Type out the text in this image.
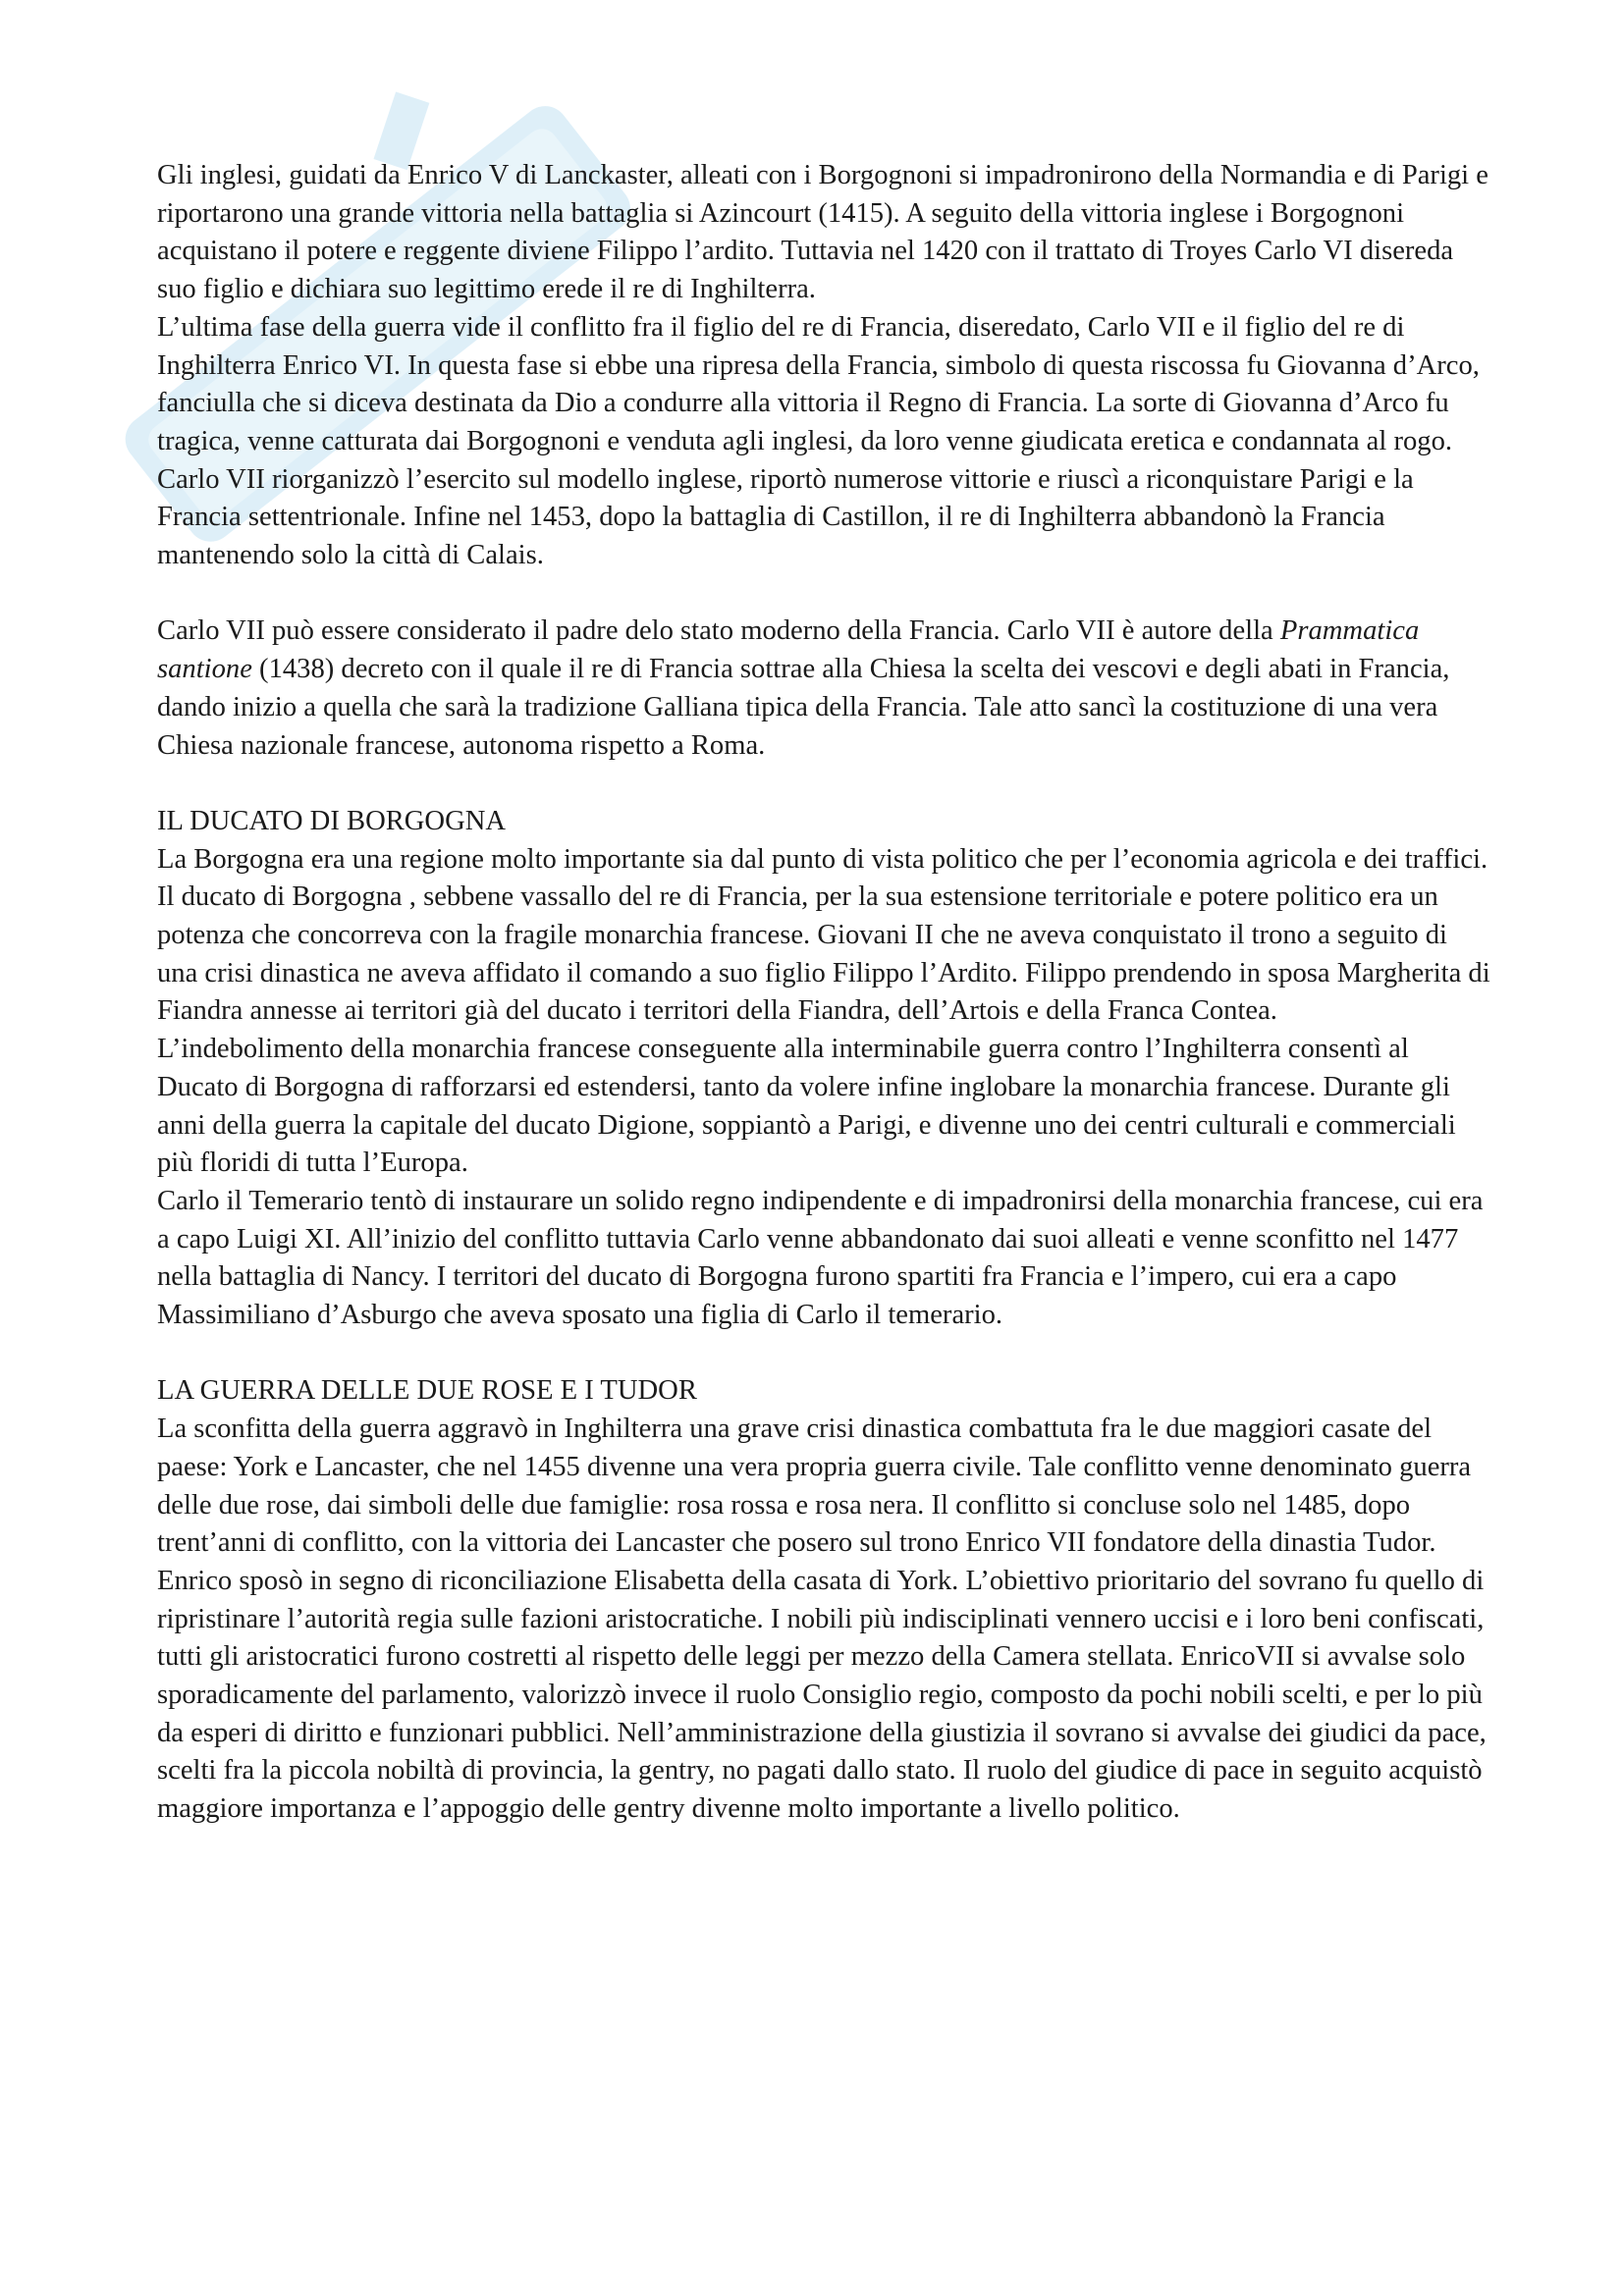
Gli inglesi, guidati da Enrico V di Lanckaster, alleati con i Borgognoni si impadronirono della Normandia e di Parigi e riportarono una grande vittoria nella battaglia si Azincourt (1415). A seguito della vittoria inglese i Borgognoni acquistano il potere e reggente diviene Filippo l’ardito. Tuttavia nel 1420 con il trattato di Troyes Carlo VI disereda suo figlio e dichiara suo legittimo erede il re di Inghilterra.

L’ultima fase della guerra vide il conflitto fra il figlio del re di Francia, diseredato, Carlo VII e il figlio del re di Inghilterra Enrico VI. In questa fase si ebbe una ripresa della Francia, simbolo di questa riscossa fu Giovanna d’Arco, fanciulla che si diceva destinata da Dio a condurre alla vittoria il Regno di Francia. La sorte di Giovanna d’Arco fu tragica, venne catturata dai Borgognoni e venduta agli inglesi, da loro venne giudicata eretica e condannata al rogo. Carlo VII riorganizzò l’esercito sul modello inglese, riportò numerose vittorie e riuscì a riconquistare Parigi e la Francia settentrionale. Infine nel 1453, dopo la battaglia di Castillon, il re di Inghilterra abbandonò la Francia mantenendo solo la città di Calais.

Carlo VII può essere considerato il padre delo stato moderno della Francia. Carlo VII è autore della Prammatica santione (1438) decreto con il quale il re di Francia sottrae alla Chiesa la scelta dei vescovi e degli abati in Francia, dando inizio a quella che sarà la tradizione Galliana tipica della Francia. Tale atto sancì la costituzione di una vera Chiesa nazionale francese, autonoma rispetto a Roma.

IL DUCATO DI BORGOGNA

La Borgogna era una regione molto importante sia dal punto di vista politico che per l’economia agricola e dei traffici. Il ducato di Borgogna , sebbene vassallo del re di Francia, per la sua estensione territoriale e potere politico era un potenza che concorreva con la fragile monarchia francese. Giovani II che ne aveva conquistato il trono a seguito di una crisi dinastica ne aveva affidato il comando a suo figlio Filippo l’Ardito. Filippo prendendo in sposa Margherita di Fiandra annesse ai territori già del ducato i territori della Fiandra, dell’Artois e della Franca Contea.

L’indebolimento della monarchia francese conseguente alla interminabile guerra contro l’Inghilterra consentì al Ducato di Borgogna di rafforzarsi ed estendersi, tanto da volere infine inglobare la monarchia francese. Durante gli anni della guerra la capitale del ducato Digione, soppiantò a Parigi, e divenne uno dei centri culturali e commerciali più floridi di tutta l’Europa.

Carlo il Temerario tentò di instaurare un solido regno indipendente e di impadronirsi della monarchia francese, cui era a capo Luigi XI. All’inizio del conflitto tuttavia Carlo venne abbandonato dai suoi alleati e venne sconfitto nel 1477 nella battaglia di Nancy. I territori del ducato di Borgogna furono spartiti fra Francia e l’impero, cui era a capo Massimiliano d’Asburgo che aveva sposato una figlia di Carlo il temerario.

LA GUERRA DELLE DUE ROSE E I TUDOR

La sconfitta della guerra aggravò in Inghilterra una grave crisi dinastica combattuta fra le due maggiori casate del paese: York e Lancaster, che nel 1455 divenne una vera propria guerra civile. Tale conflitto venne denominato guerra delle due rose, dai simboli delle due famiglie: rosa rossa e rosa nera. Il conflitto si concluse solo nel 1485, dopo trent’anni di conflitto, con la vittoria dei Lancaster che posero sul trono Enrico VII fondatore della dinastia Tudor. Enrico sposò in segno di riconciliazione Elisabetta della casata di York. L’obiettivo prioritario del sovrano fu quello di ripristinare l’autorità regia sulle fazioni aristocratiche. I nobili più indisciplinati vennero uccisi e i loro beni confiscati, tutti gli aristocratici furono costretti al rispetto delle leggi per mezzo della Camera stellata. EnricoVII si avvalse solo sporadicamente del parlamento, valorizzò invece il ruolo Consiglio regio, composto da pochi nobili scelti, e per lo più da esperi di diritto e funzionari pubblici. Nell’amministrazione della giustizia il sovrano si avvalse dei giudici da pace, scelti fra la piccola nobiltà di provincia, la gentry, no pagati dallo stato. Il ruolo del giudice di pace in seguito acquistò maggiore importanza e l’appoggio delle gentry divenne molto importante a livello politico.
